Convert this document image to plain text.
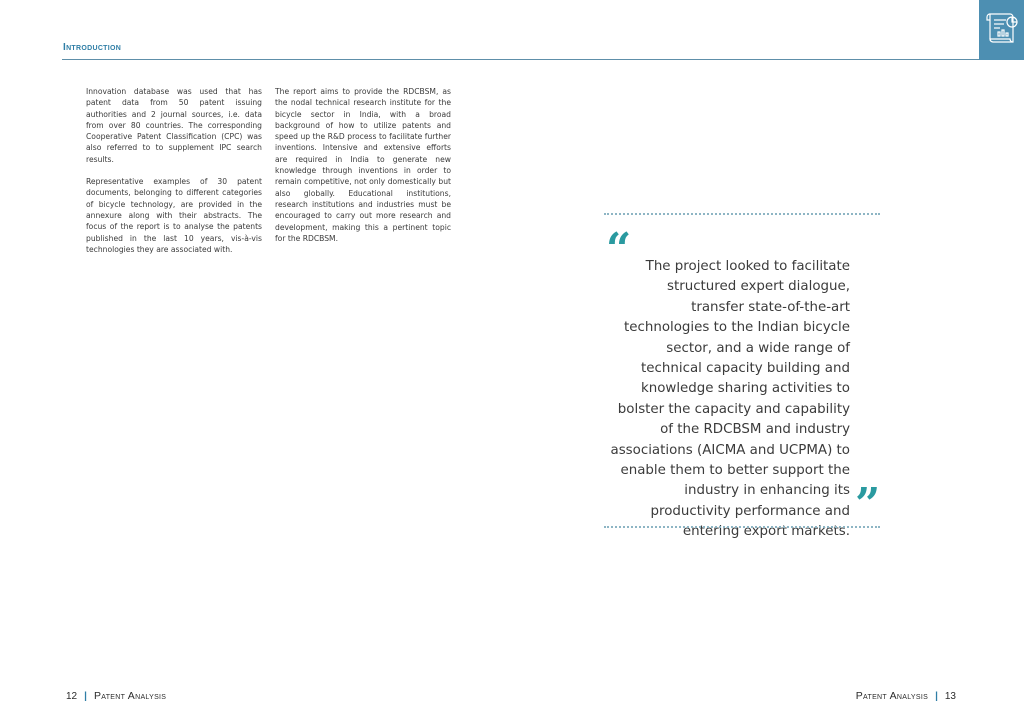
Introduction

Innovation database was used that has patent data from 50 patent issuing authorities and 2 journal sources, i.e. data from over 80 countries. The corresponding Cooperative Patent Classification (CPC) was also referred to to supplement IPC search results.

Representative examples of 30 patent documents, belonging to different categories of bicycle technology, are provided in the annexure along with their abstracts. The focus of the report is to analyse the patents published in the last 10 years, vis-à-vis technologies they are associated with.

The report aims to provide the RDCBSM, as the nodal technical research institute for the bicycle sector in India, with a broad background of how to utilize patents and speed up the R&D process to facilitate further inventions. Intensive and extensive efforts are required in India to generate new knowledge through inventions in order to remain competitive, not only domestically but also globally. Educational institutions, research institutions and industries must be encouraged to carry out more research and development, making this a pertinent topic for the RDCBSM.	“	The project looked to facilitate structured expert dialogue, transfer state-of-the-art technologies to the Indian bicycle sector, and a wide range of technical capacity building and knowledge sharing activities to bolster the capacity and capability of the RDCBSM and industry associations (AICMA and UCPMA) to enable them to better support the industry in enhancing its productivity performance and entering export markets.
”
12 | Patent Analysis	Patent Analysis | 13
